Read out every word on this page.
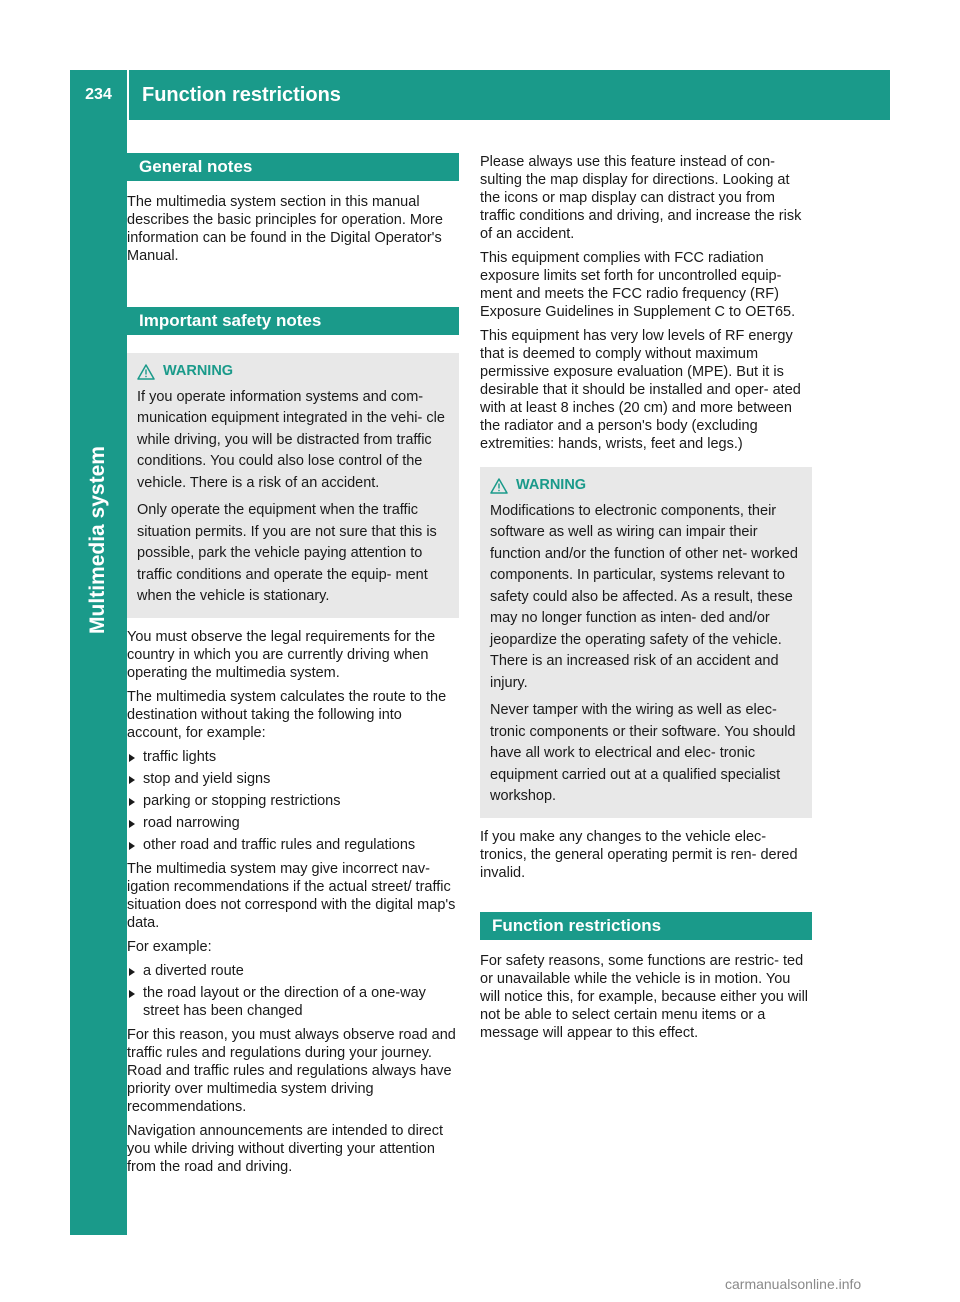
234	Function restrictions
Multimedia system
General notes

The multimedia system section in this manual describes the basic principles for operation. More information can be found in the Digital Operator's Manual.

Important safety notes
WARNING

If you operate information systems and com- munication equipment integrated in the vehi- cle while driving, you will be distracted from traffic conditions. You could also lose control of the vehicle. There is a risk of an accident.

Only operate the equipment when the traffic situation permits. If you are not sure that this is possible, park the vehicle paying attention to traffic conditions and operate the equip- ment when the vehicle is stationary.

You must observe the legal requirements for the country in which you are currently driving when operating the multimedia system.

The multimedia system calculates the route to the destination without taking the following into account, for example:

traffic lights
stop and yield signs
parking or stopping restrictions
road narrowing
other road and traffic rules and regulations

The multimedia system may give incorrect nav- igation recommendations if the actual street/ traffic situation does not correspond with the digital map's data.

For example:

a diverted route
the road layout or the direction of a one-way street has been changed

For this reason, you must always observe road and traffic rules and regulations during your journey. Road and traffic rules and regulations always have priority over multimedia system driving recommendations.

Navigation announcements are intended to direct you while driving without diverting your attention from the road and driving.

Please always use this feature instead of con- sulting the map display for directions. Looking at the icons or map display can distract you from traffic conditions and driving, and increase the risk of an accident.

This equipment complies with FCC radiation exposure limits set forth for uncontrolled equip- ment and meets the FCC radio frequency (RF) Exposure Guidelines in Supplement C to OET65.

This equipment has very low levels of RF energy that is deemed to comply without maximum permissive exposure evaluation (MPE). But it is desirable that it should be installed and oper- ated with at least 8 inches (20 cm) and more between the radiator and a person's body (excluding extremities: hands, wrists, feet and legs.)

WARNING

Modifications to electronic components, their software as well as wiring can impair their function and/or the function of other net- worked components. In particular, systems relevant to safety could also be affected. As a result, these may no longer function as inten- ded and/or jeopardize the operating safety of the vehicle. There is an increased risk of an accident and injury.

Never tamper with the wiring as well as elec- tronic components or their software. You should have all work to electrical and elec- tronic equipment carried out at a qualified specialist workshop.

If you make any changes to the vehicle elec- tronics, the general operating permit is ren- dered invalid.

Function restrictions

For safety reasons, some functions are restric- ted or unavailable while the vehicle is in motion. You will notice this, for example, because either you will not be able to select certain menu items or a message will appear to this effect.

carmanualsonline.info
